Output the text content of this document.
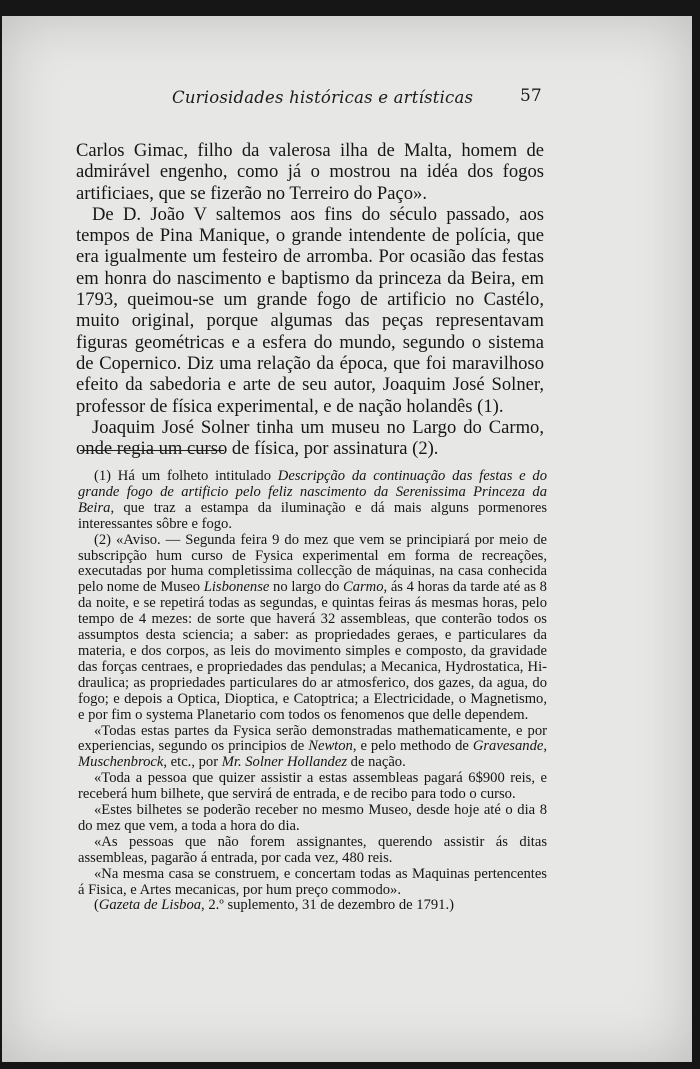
Curiosidades históricas e artísticas	57

Carlos Gimac, filho da valerosa ilha de Malta, homem de admirável engenho, como já o mostrou na idéa dos fogos artificiaes, que se fizerão no Terreiro do Paço».

De D. João V saltemos aos fins do século passado, aos tempos de Pina Manique, o grande intendente de polícia, que era igualmente um festeiro de arromba. Por ocasião das festas em honra do nascimento e baptismo da princeza da Beira, em 1793, queimou-se um grande fogo de artificio no Castélo, muito original, porque algumas das peças representavam figuras geométricas e a esfera do mundo, segundo o sistema de Copernico. Diz uma relação da época, que foi maravilhoso efeito da sabedoria e arte de seu autor, Joaquim José Solner, professor de física experimental, e de nação holandês (1).

Joaquim José Solner tinha um museu no Largo do Carmo, onde regia um curso de física, por assinatura (2).

(1) Há um folheto intitulado Descripção da continuação das festas e do grande fogo de artificio pelo feliz nascimento da Serenissima Princeza da Beira, que traz a estampa da iluminação e dá mais alguns pormenores interessantes sôbre e fogo.

(2) «Aviso. — Segunda feira 9 do mez que vem se principiará por meio de subscripção hum curso de Fysica experimental em forma de recreações, executadas por huma completissima collecção de máquinas, na casa conhecida pelo nome de Museo Lisbonense no largo do Carmo, ás 4 horas da tarde até as 8 da noite, e se repetirá todas as segundas, e quintas feiras ás mesmas horas, pelo tempo de 4 mezes: de sorte que haverá 32 assembleas, que conterão todos os assumptos desta sciencia; a saber: as propriedades geraes, e particulares da materia, e dos corpos, as leis do movimento simples e composto, da gravidade das forças centraes, e propriedades das pendulas; a Mecanica, Hydrostatica, Hidraulica; as propriedades particulares do ar atmosferico, dos gazes, da agua, do fogo; e depois a Optica, Dioptica, e Catoptrica; a Electricidade, o Magnetismo, e por fim o systema Planetario com todos os fenomenos que delle dependem.

«Todas estas partes da Fysica serão demonstradas mathematicamente, e por experiencias, segundo os principios de Newton, e pelo methodo de Gravesande, Muschenbrock, etc., por Mr. Solner Hollandez de nação.

«Toda a pessoa que quizer assistir a estas assembleas pagará 6$900 reis, e receberá hum bilhete, que servirá de entrada, e de recibo para todo o curso.

«Estes bilhetes se poderão receber no mesmo Museo, desde hoje até o dia 8 do mez que vem, a toda a hora do dia.

«As pessoas que não forem assignantes, querendo assistir ás ditas assembleas, pagarão á entrada, por cada vez, 480 reis.

«Na mesma casa se construem, e concertam todas as Maquinas pertencentes á Fisica, e Artes mecanicas, por hum preço commodo».

(Gazeta de Lisboa, 2.º suplemento, 31 de dezembro de 1791.)
